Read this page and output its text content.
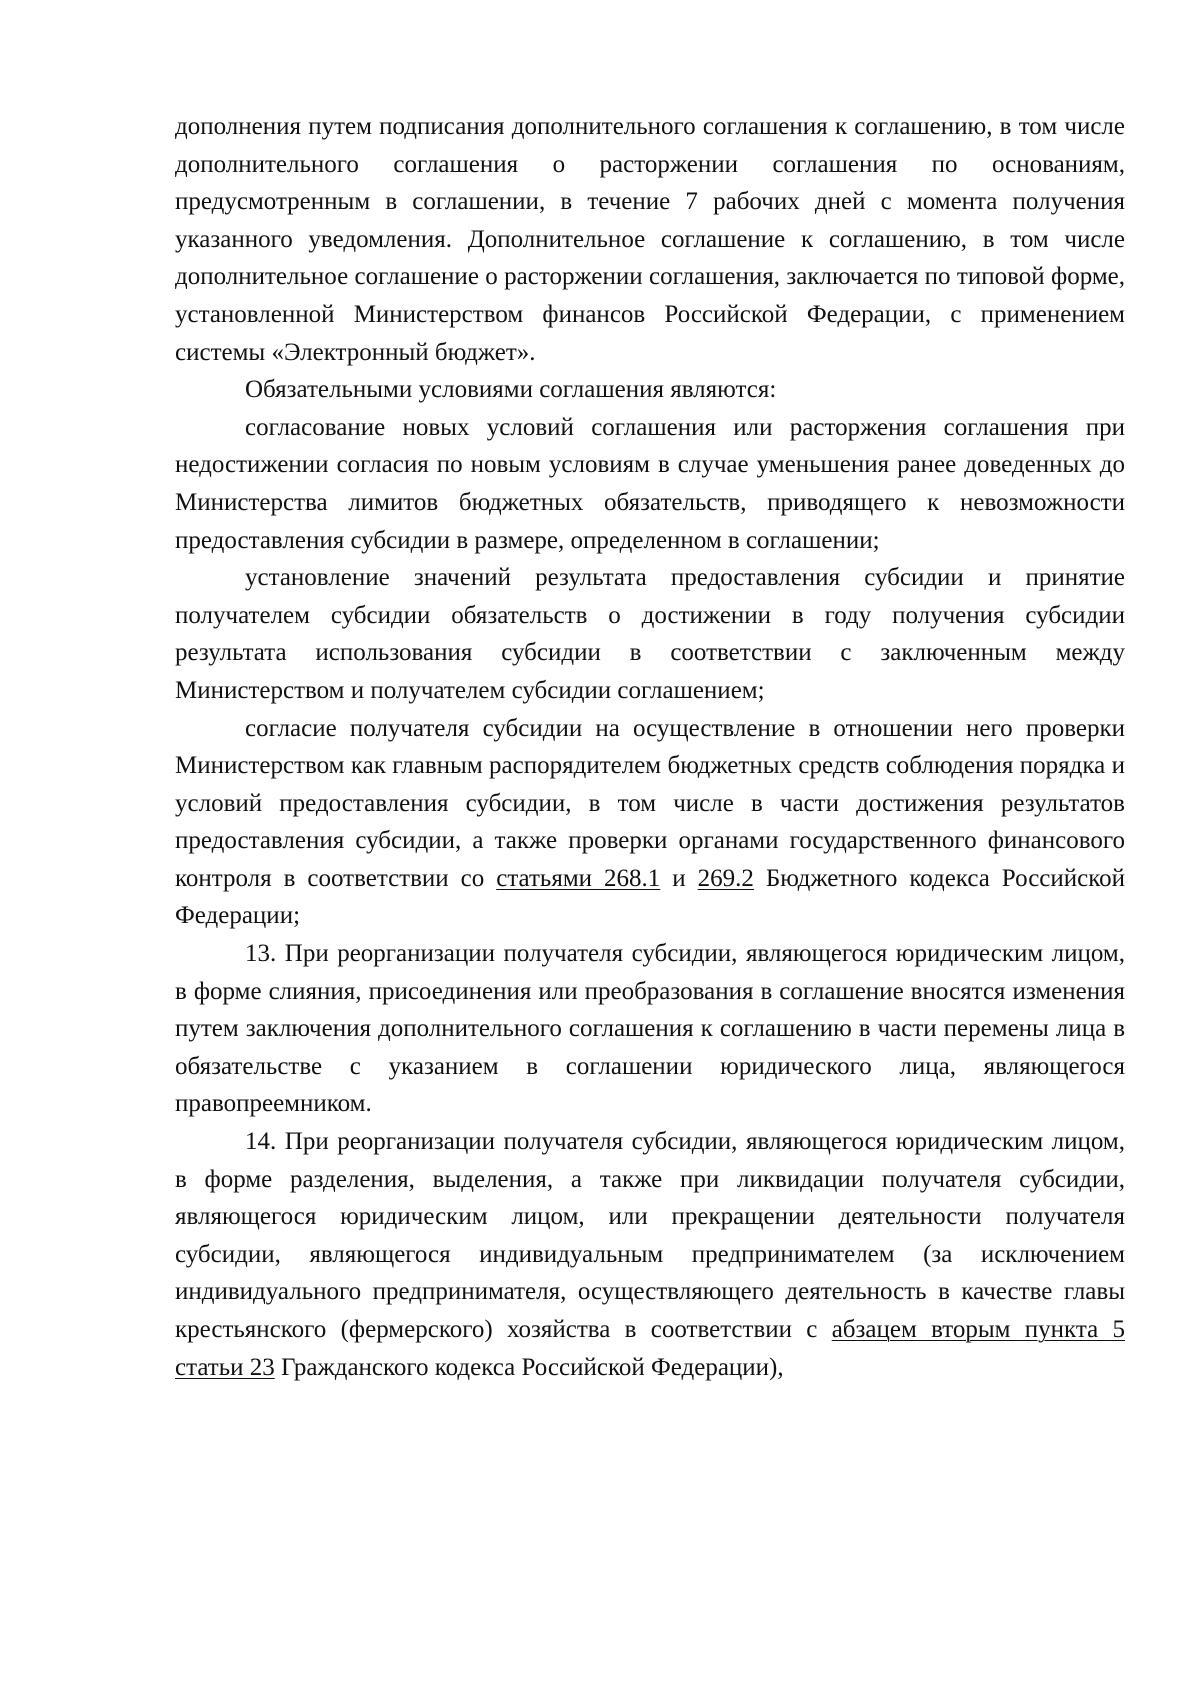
дополнения путем подписания дополнительного соглашения к соглашению, в том числе дополнительного соглашения о расторжении соглашения по основаниям, предусмотренным в соглашении, в течение 7 рабочих дней с момента получения указанного уведомления. Дополнительное соглашение к соглашению, в том числе дополнительное соглашение о расторжении соглашения, заключается по типовой форме, установленной Министерством финансов Российской Федерации, с применением системы «Электронный бюджет».

Обязательными условиями соглашения являются:

согласование новых условий соглашения или расторжения соглашения при недостижении согласия по новым условиям в случае уменьшения ранее доведенных до Министерства лимитов бюджетных обязательств, приводящего к невозможности предоставления субсидии в размере, определенном в соглашении;

установление значений результата предоставления субсидии и принятие получателем субсидии обязательств о достижении в году получения субсидии результата использования субсидии в соответствии с заключенным между Министерством и получателем субсидии соглашением;

согласие получателя субсидии на осуществление в отношении него проверки Министерством как главным распорядителем бюджетных средств соблюдения порядка и условий предоставления субсидии, в том числе в части достижения результатов предоставления субсидии, а также проверки органами государственного финансового контроля в соответствии со статьями 268.1 и 269.2 Бюджетного кодекса Российской Федерации;

13. При реорганизации получателя субсидии, являющегося юридическим лицом, в форме слияния, присоединения или преобразования в соглашение вносятся изменения путем заключения дополнительного соглашения к соглашению в части перемены лица в обязательстве с указанием в соглашении юридического лица, являющегося правопреемником.

14. При реорганизации получателя субсидии, являющегося юридическим лицом, в форме разделения, выделения, а также при ликвидации получателя субсидии, являющегося юридическим лицом, или прекращении деятельности получателя субсидии, являющегося индивидуальным предпринимателем (за исключением индивидуального предпринимателя, осуществляющего деятельность в качестве главы крестьянского (фермерского) хозяйства в соответствии с абзацем вторым пункта 5 статьи 23 Гражданского кодекса Российской Федерации),
